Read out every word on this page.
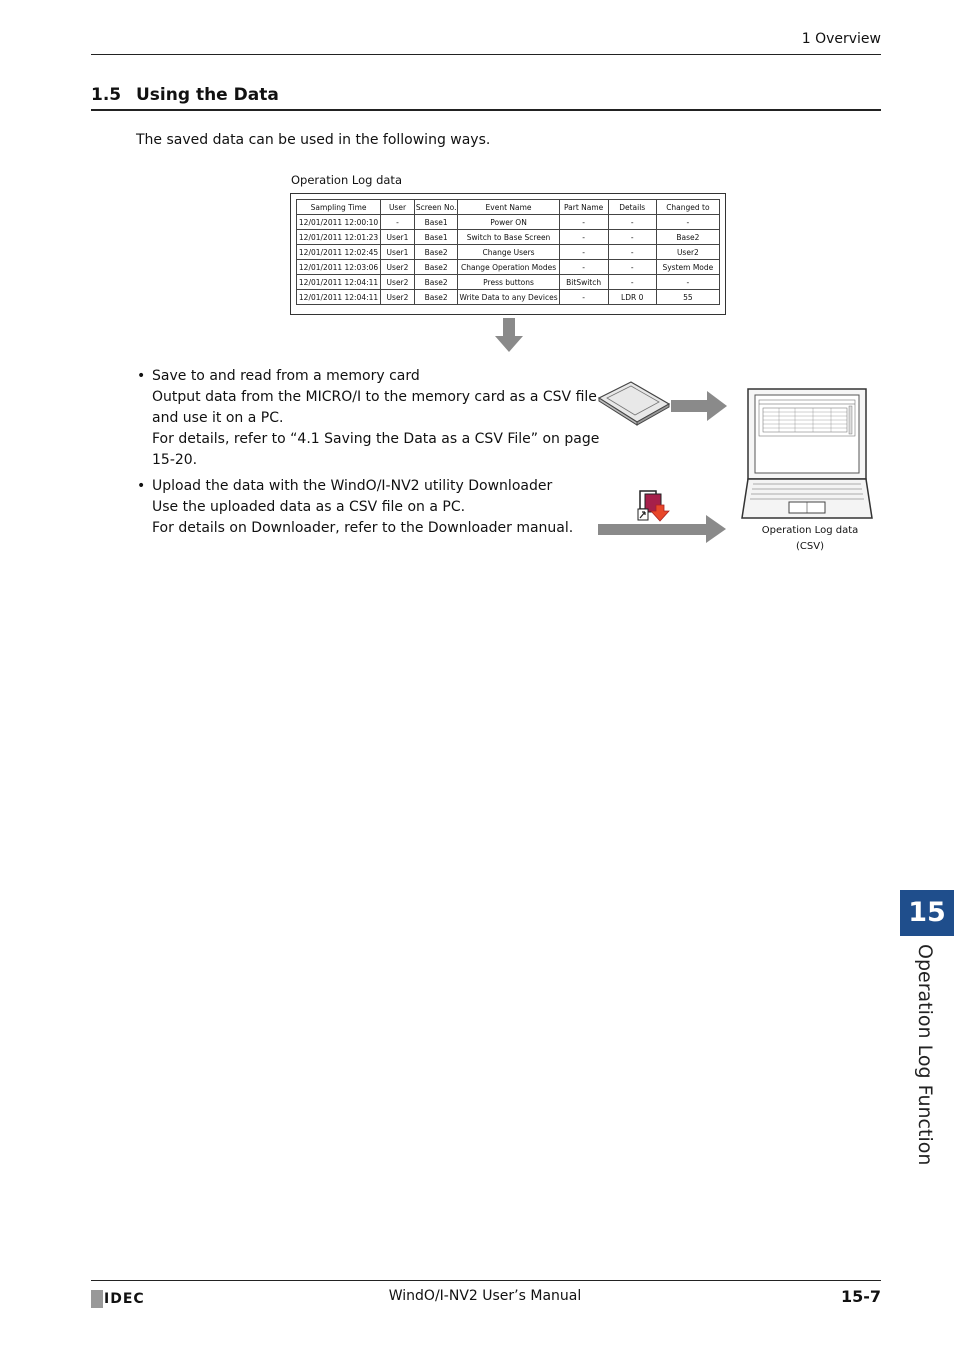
1 Overview
1.5 Using the Data
The saved data can be used in the following ways.
Operation Log data
Sampling Time	User	Screen No.	Event Name	Part Name	Details	Changed to
12/01/2011 12:00:10	-	Base1	Power ON	-	-	-
12/01/2011 12:01:23	User1	Base1	Switch to Base Screen	-	-	Base2
12/01/2011 12:02:45	User1	Base2	Change Users	-	-	User2
12/01/2011 12:03:06	User2	Base2	Change Operation Modes	-	-	System Mode
12/01/2011 12:04:11	User2	Base2	Press buttons	BitSwitch	-	-
12/01/2011 12:04:11	User2	Base2	Write Data to any Devices	-	LDR 0	55
• Save to and read from a memory card
Output data from the MICRO/I to the memory card as a CSV file
and use it on a PC.
For details, refer to “4.1 Saving the Data as a CSV File” on page
15-20.
• Upload the data with the WindO/I-NV2 utility Downloader
Use the uploaded data as a CSV file on a PC.
For details on Downloader, refer to the Downloader manual.	Operation Log data
(CSV)
15
Operation Log Function
IDEC	WindO/I-NV2 User’s Manual	15-7
